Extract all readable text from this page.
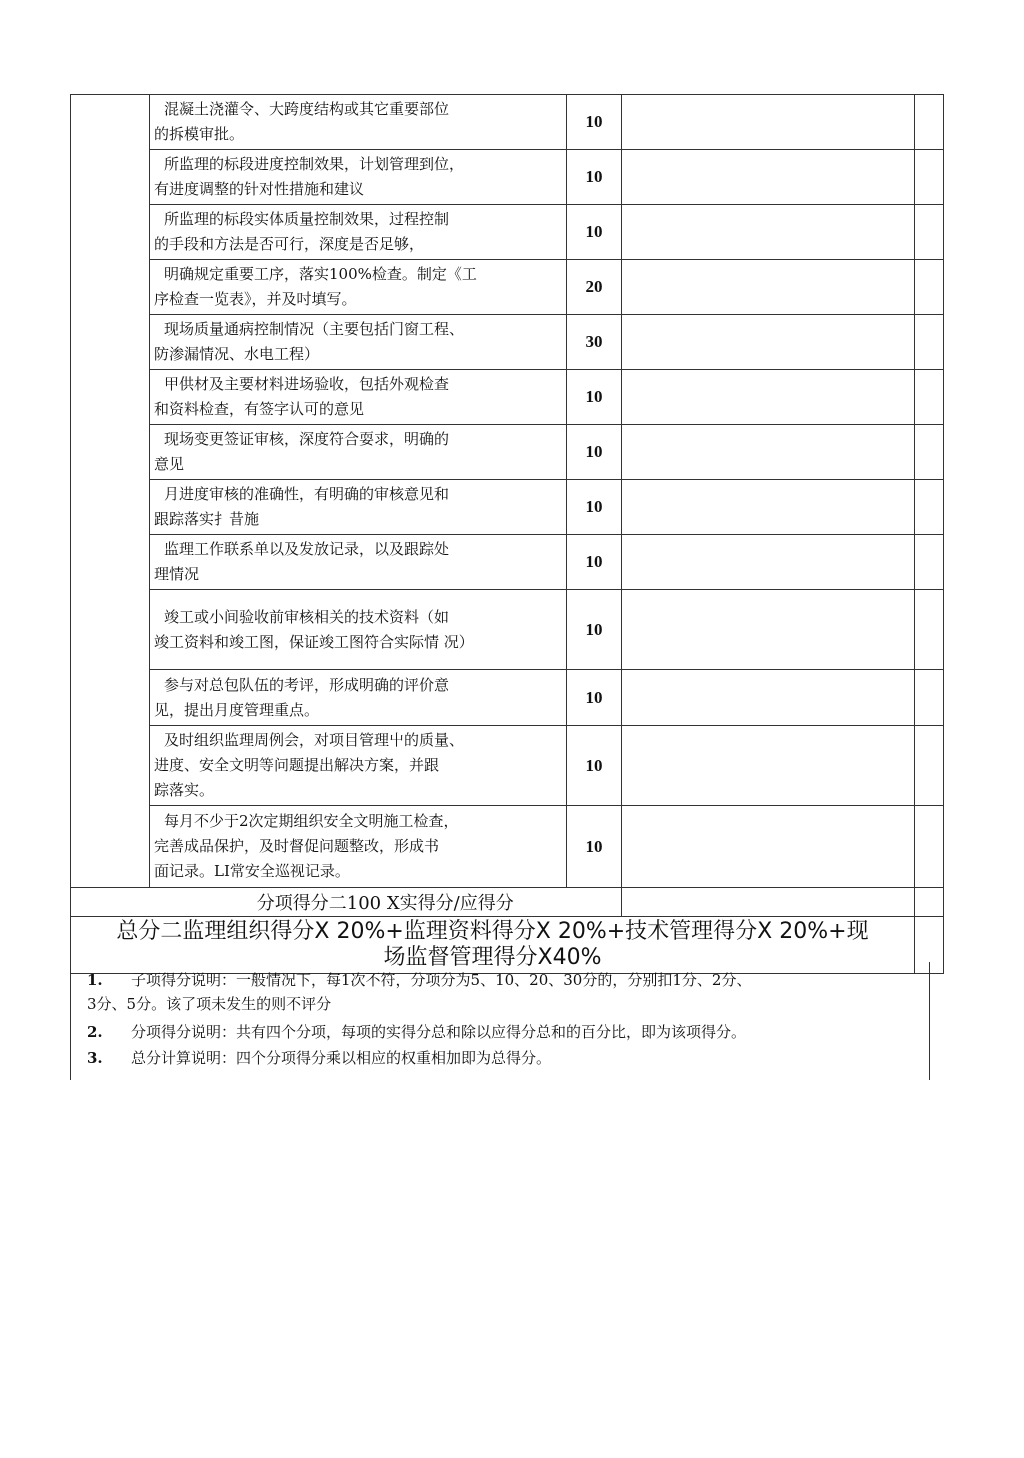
	混凝土浇灌令、大跨度结构或其它重要部位
的拆模审批。	10		

	所监理的标段进度控制效果，计划管理到位，
有进度调整的针对性措施和建议	10		

	所监理的标段实体质量控制效果，过程控制
的手段和方法是否可行，深度是否足够，	10		

	明确规定重要工序，落实100%检查。制定《工
序检查一览表》，并及吋填写。	20		

	现场质量通病控制情况（主要包括门窗工程、
防渗漏情况、水电工程）	30		

	甲供材及主要材料进场验收，包括外观检查
和资料检查，有签字认可的意见	10		

	现场变更签证审核，深度符合耍求，明确的
意见	10		

	月进度审核的准确性，有明确的审核意见和
跟踪落实扌昔施	10		

	监理工作联系单以及发放记录，以及跟踪处
理情况	10		

	竣工或小间验收前审核相关的技术资料（如
竣工资料和竣工图，保证竣工图符合实际情 况）	10		

	参与对总包队伍的考评，形成明确的评价意
见，提出月度管理重点。	10		

	及时组织监理周例会，对项目管理屮的质量、
进度、安全文明等问题提出解决方案，并跟
踪落实。	10		

	每月不少于2次定期组织安全文明施工检查，
完善成品保护，及时督促问题整改，形成书
面记录。LI常安全巡视记录。	10		
	分项得分二100 X实得分/应得分			

总分二监理组织得分X 20%+监理资料得分X 20%+技术管理得分X 20%+现
场监督管理得分X40%				

1. 子项得分说明：一般情况下，每1次不符，分项分为5、10、20、30分的，分别扣1分、2分、
3分、5分。该了项未发生的则不评分
2. 分项得分说明：共有四个分项，每项的实得分总和除以应得分总和的百分比，即为该项得分。
3. 总分计算说明：四个分项得分乘以相应的权重相加即为总得分。
